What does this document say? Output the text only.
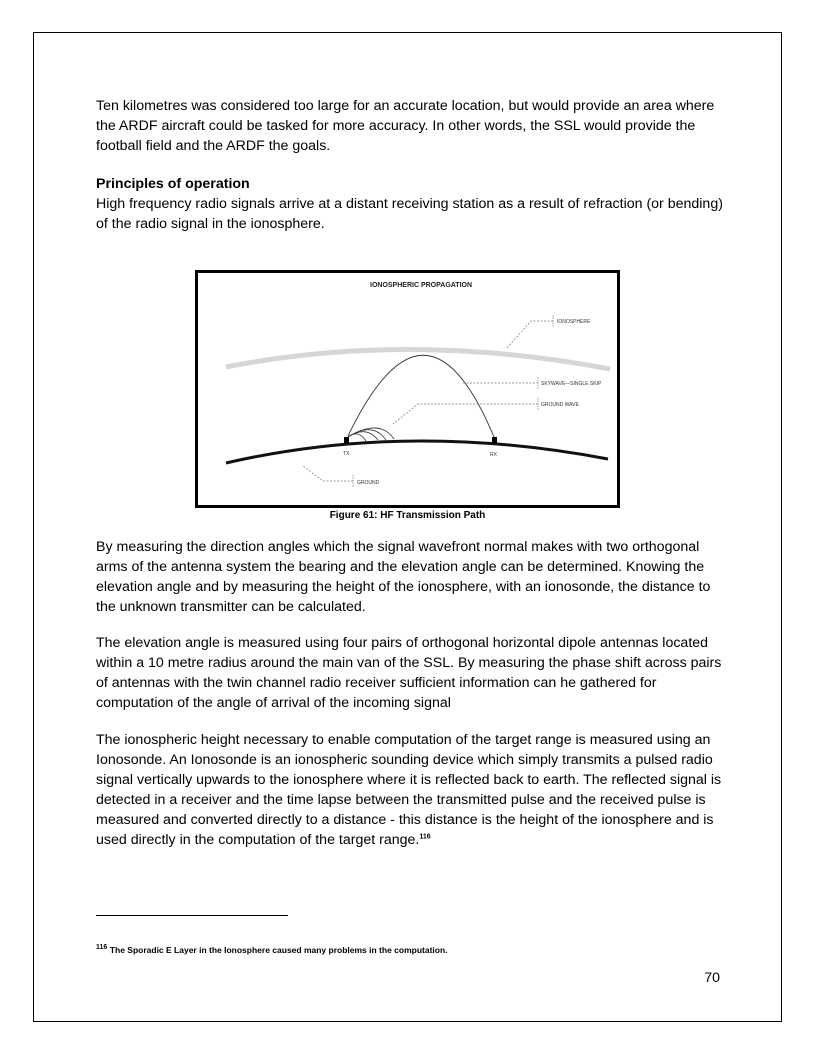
Ten kilometres was considered too large for an accurate location, but would provide an area where the ARDF aircraft could be tasked for more accuracy. In other words, the SSL would provide the football field and the ARDF the goals.

Principles of operation

High frequency radio signals arrive at a distant receiving station as a result of refraction (or bending) of the radio signal in the ionosphere.

IONOSPHERIC PROPAGATION
TX	RX
IONOSPHERE
SKYWAVE—SINGLE SKIP
GROUND WAVE
GROUND
Figure 61: HF Transmission Path

By measuring the direction angles which the signal wavefront normal makes with two orthogonal arms of the antenna system the bearing and the elevation angle can be determined. Knowing the elevation angle and by measuring the height of the ionosphere, with an ionosonde, the distance to the unknown transmitter can be calculated.

The elevation angle is measured using four pairs of orthogonal horizontal dipole antennas located within a 10 metre radius around the main van of the SSL. By measuring the phase shift across pairs of antennas with the twin channel radio receiver sufficient information can he gathered for computation of the angle of arrival of the incoming signal

The ionospheric height necessary to enable computation of the target range is measured using an Ionosonde. An Ionosonde is an ionospheric sounding device which simply transmits a pulsed radio signal vertically upwards to the ionosphere where it is reflected back to earth. The reflected signal is detected in a receiver and the time lapse between the transmitted pulse and the received pulse is measured and converted directly to a distance - this distance is the height of the ionosphere and is used directly in the computation of the target range.$^{116}$

$^{116}$ The Sporadic E Layer in the Ionosphere caused many problems in the computation.
70
